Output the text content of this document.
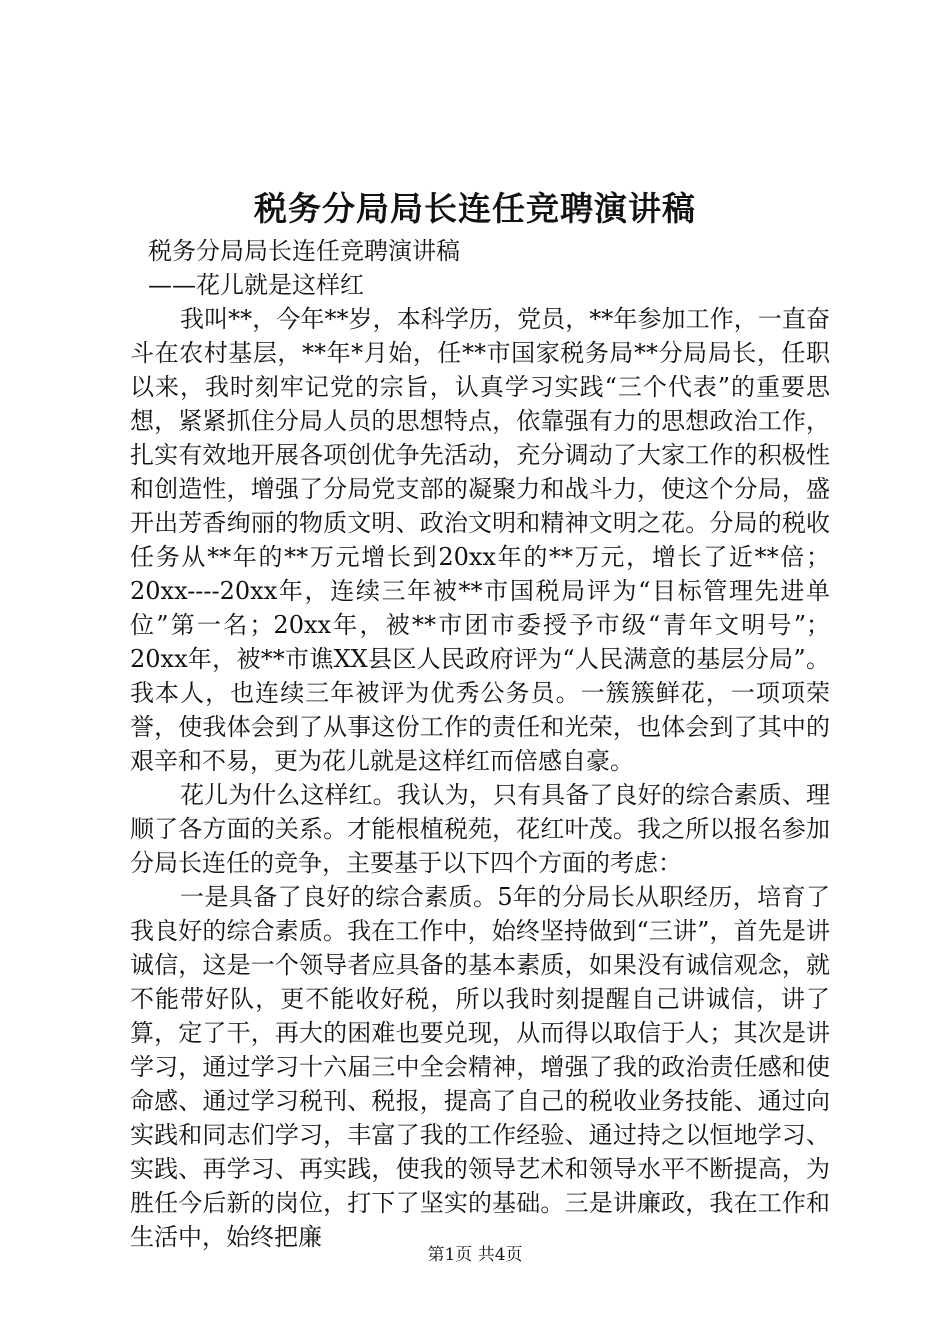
税务分局局长连任竞聘演讲稿

税务分局局长连任竞聘演讲稿

——花儿就是这样红

我叫**，今年**岁，本科学历，党员，**年参加工作，一直奋斗在农村基层，**年*月始，任**市国家税务局**分局局长，任职以来，我时刻牢记党的宗旨，认真学习实践“三个代表”的重要思想，紧紧抓住分局人员的思想特点，依靠强有力的思想政治工作，扎实有效地开展各项创优争先活动，充分调动了大家工作的积极性和创造性，增强了分局党支部的凝聚力和战斗力，使这个分局，盛开出芳香绚丽的物质文明、政治文明和精神文明之花。分局的税收任务从**年的**万元增长到20xx年的**万元，增长了近**倍；20xx----20xx年，连续三年被**市国税局评为“目标管理先进单位”第一名；20xx年，被**市团市委授予市级“青年文明号”；20xx年，被**市谯XX县区人民政府评为“人民满意的基层分局”。我本人，也连续三年被评为优秀公务员。一簇簇鲜花，一项项荣誉，使我体会到了从事这份工作的责任和光荣，也体会到了其中的艰辛和不易，更为花儿就是这样红而倍感自豪。

花儿为什么这样红。我认为，只有具备了良好的综合素质、理顺了各方面的关系。才能根植税苑，花红叶茂。我之所以报名参加分局长连任的竞争，主要基于以下四个方面的考虑：

一是具备了良好的综合素质。5年的分局长从职经历，培育了我良好的综合素质。我在工作中，始终坚持做到“三讲”，首先是讲诚信，这是一个领导者应具备的基本素质，如果没有诚信观念，就不能带好队，更不能收好税，所以我时刻提醒自己讲诚信，讲了算，定了干，再大的困难也要兑现，从而得以取信于人；其次是讲学习，通过学习十六届三中全会精神，增强了我的政治责任感和使命感、通过学习税刊、税报，提高了自己的税收业务技能、通过向实践和同志们学习，丰富了我的工作经验、通过持之以恒地学习、实践、再学习、再实践，使我的领导艺术和领导水平不断提高，为胜任今后新的岗位，打下了坚实的基础。三是讲廉政，我在工作和生活中，始终把廉

第1页 共4页
